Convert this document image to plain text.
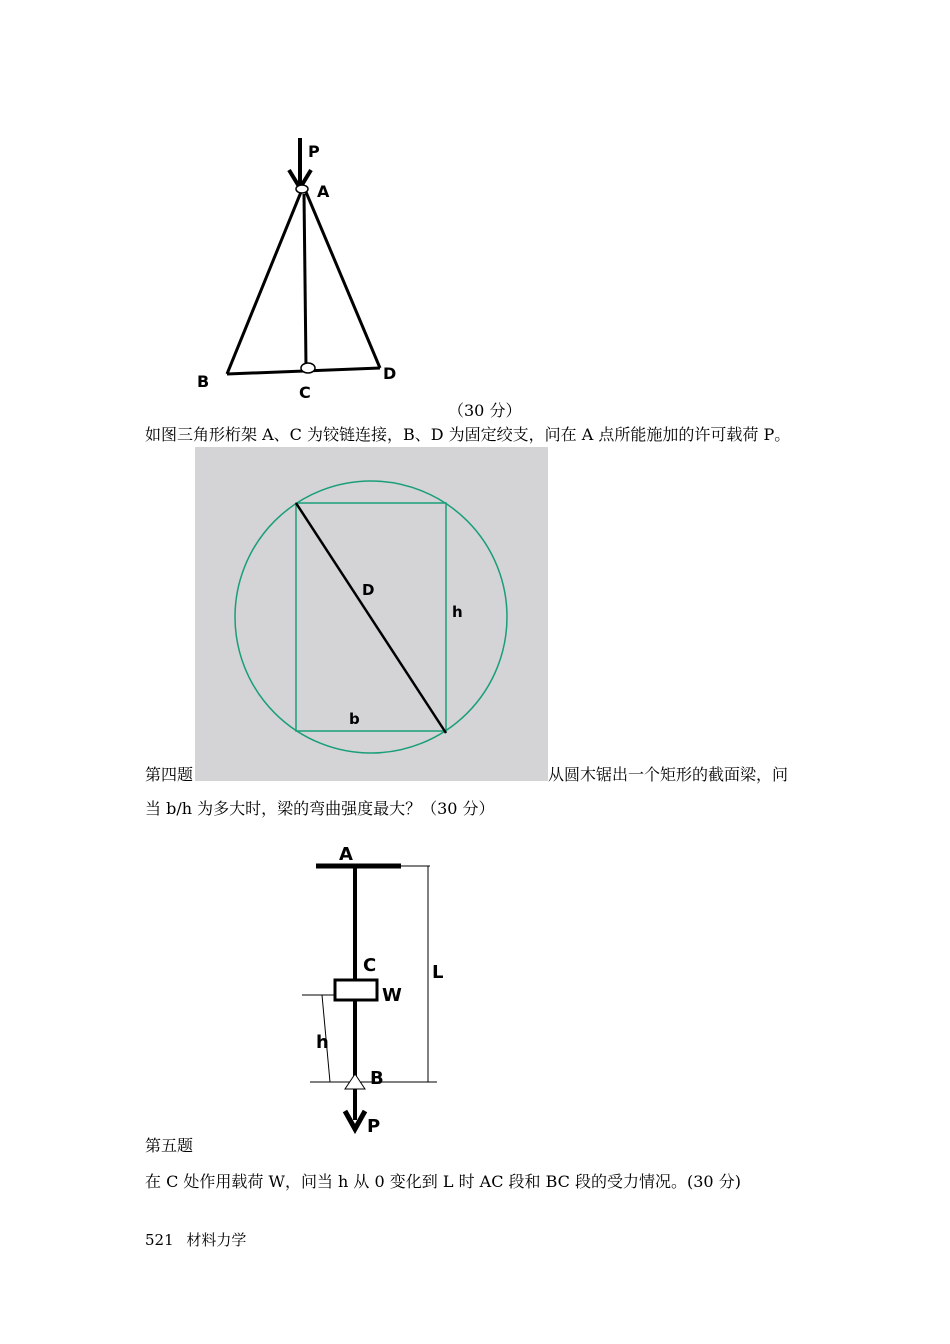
P
A
B
C
D
（30 分）
如图三角形桁架 A、C 为铰链连接，B、D 为固定绞支，问在 A 点所能施加的许可载荷 P。
D
h
b
第四题	从圆木锯出一个矩形的截面梁，问
当 b/h 为多大时，梁的弯曲强度最大？（30 分）
A
C
W
L
h
B
P
第五题
在 C 处作用载荷 W，问当 h 从 0 变化到 L 时 AC 段和 BC 段的受力情况。(30 分)
521 材料力学
